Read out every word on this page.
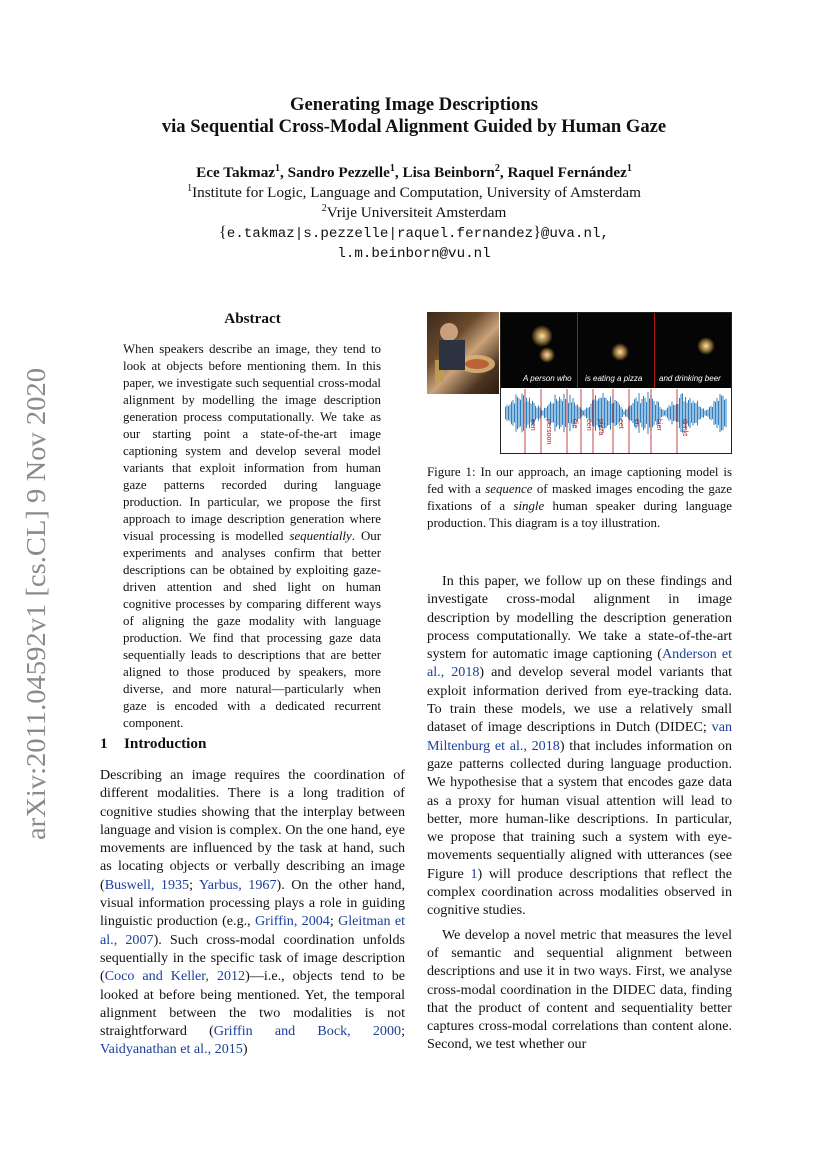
arXiv:2011.04592v1 [cs.CL] 9 Nov 2020
Generating Image Descriptions
via Sequential Cross-Modal Alignment Guided by Human Gaze
Ece Takmaz$^1$, Sandro Pezzelle$^1$, Lisa Beinborn$^2$, Raquel Fernández$^1$
$^1$Institute for Logic, Language and Computation, University of Amsterdam
$^2$Vrije Universiteit Amsterdam
{e.takmaz|s.pezzelle|raquel.fernandez}@uva.nl,
l.m.beinborn@vu.nl
Abstract
When speakers describe an image, they tend to look at objects before mentioning them. In this paper, we investigate such sequential cross-modal alignment by modelling the image description generation process computationally. We take as our starting point a state-of-the-art image captioning system and develop several model variants that exploit information from human gaze patterns recorded during language production. In particular, we propose the first approach to image description generation where visual processing is modelled sequentially. Our experiments and analyses confirm that better descriptions can be obtained by exploiting gaze-driven attention and shed light on human cognitive processes by comparing different ways of aligning the gaze modality with language production. We find that processing gaze data sequentially leads to descriptions that are better aligned to those produced by speakers, more diverse, and more natural—particularly when gaze is encoded with a dedicated recurrent component.
1 Introduction

Describing an image requires the coordination of different modalities. There is a long tradition of cognitive studies showing that the interplay between language and vision is complex. On the one hand, eye movements are influenced by the task at hand, such as locating objects or verbally describing an image (Buswell, 1935; Yarbus, 1967). On the other hand, visual information processing plays a role in guiding linguistic production (e.g., Griffin, 2004; Gleitman et al., 2007). Such cross-modal coordination unfolds sequentially in the specific task of image description (Coco and Keller, 2012)—i.e., objects tend to be looked at before being mentioned. Yet, the temporal alignment between the two modalities is not straightforward (Griffin and Bock, 2000; Vaidyanathan et al., 2015)

A person who is eating a pizza and drinking beer
een persoon	die een pizza eet en bier	drinkt
Figure 1: In our approach, an image captioning model is fed with a sequence of masked images encoding the gaze fixations of a single human speaker during language production. This diagram is a toy illustration.

In this paper, we follow up on these findings and investigate cross-modal alignment in image description by modelling the description generation process computationally. We take a state-of-the-art system for automatic image captioning (Anderson et al., 2018) and develop several model variants that exploit information derived from eye-tracking data. To train these models, we use a relatively small dataset of image descriptions in Dutch (DIDEC; van Miltenburg et al., 2018) that includes information on gaze patterns collected during language production. We hypothesise that a system that encodes gaze data as a proxy for human visual attention will lead to better, more human-like descriptions. In particular, we propose that training such a system with eye-movements sequentially aligned with utterances (see Figure 1) will produce descriptions that reflect the complex coordination across modalities observed in cognitive studies.

We develop a novel metric that measures the level of semantic and sequential alignment between descriptions and use it in two ways. First, we analyse cross-modal coordination in the DIDEC data, finding that the product of content and sequentiality better captures cross-modal correlations than content alone. Second, we test whether our
